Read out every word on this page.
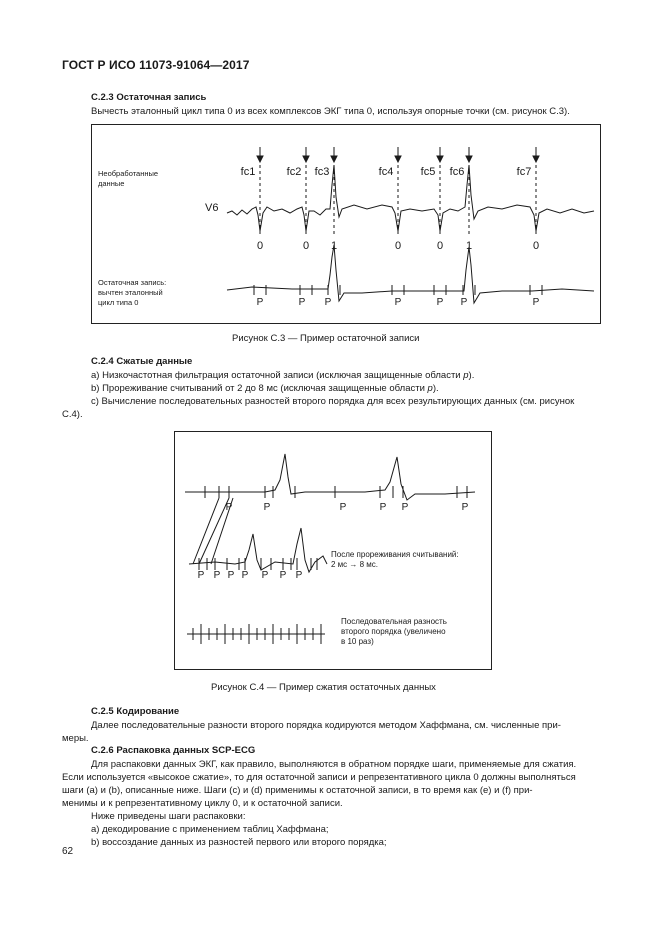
ГОСТ Р ИСО 11073-91064—2017
C.2.3 Остаточная запись
Вычесть эталонный цикл типа 0 из всех комплексов ЭКГ типа 0, используя опорные точки (см. рисунок С.3).
Необработанные
данные
Остаточная запись:
вычтен эталонный
цикл типа 0
V6
fc1
0
fc2
0
fc3
1
fc4
0
fc5
0
fc6
1
fc7
0
P	P P	P	P P	P
Рисунок С.3 — Пример остаточной записи
C.2.4 Сжатые данные
a) Низкочастотная фильтрация остаточной записи (исключая защищенные области p).
b) Прореживание считываний от 2 до 8 мс (исключая защищенные области p).
c) Вычисление последовательных разностей второго порядка для всех результирующих данных (см. рисунок
С.4).
После прореживания считываний:
2 мс → 8 мс.
Последовательная разность
второго порядка (увеличено
в 10 раз)
P	P	P	P P	P
P P P P P P P
Рисунок С.4 — Пример сжатия остаточных данных
C.2.5 Кодирование
Далее последовательные разности второго порядка кодируются методом Хаффмана, см. численные при-
меры.
C.2.6 Распаковка данных SCP-ECG
Для распаковки данных ЭКГ, как правило, выполняются в обратном порядке шаги, применяемые для сжатия.
Если используется «высокое сжатие», то для остаточной записи и репрезентативного цикла 0 должны выполняться
шаги (a) и (b), описанные ниже. Шаги (c) и (d) применимы к остаточной записи, в то время как (e) и (f) при-
менимы и к репрезентативному циклу 0, и к остаточной записи.
Ниже приведены шаги распаковки:
a) декодирование с применением таблиц Хаффмана;
b) воссоздание данных из разностей первого или второго порядка;
62
